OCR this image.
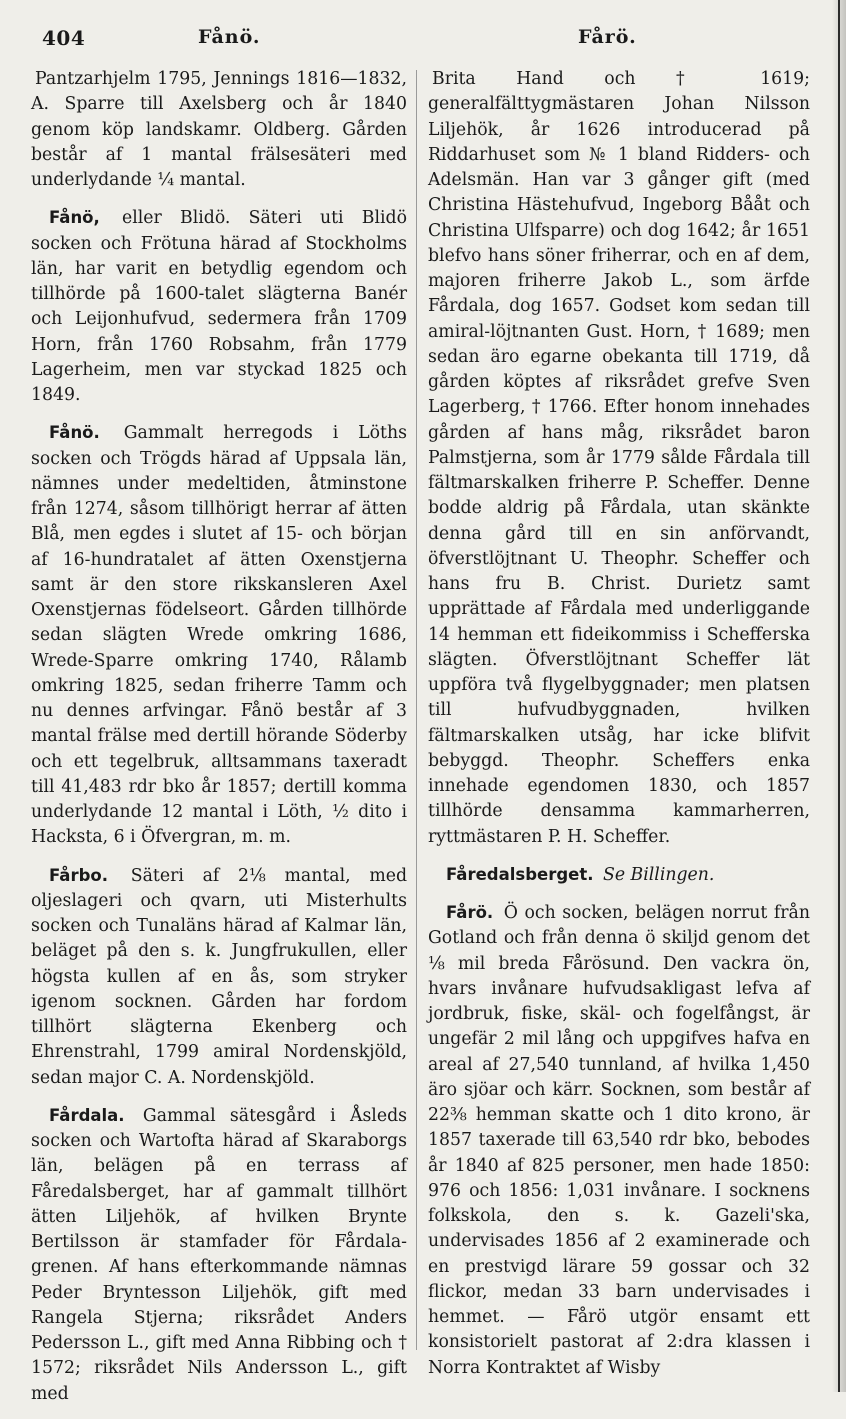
404	Fånö.	Fårö.

Pantzarhjelm 1795, Jennings 1816—1832, A. Sparre till Axelsberg och år 1840 genom köp landskamr. Oldberg. Gården består af 1 mantal frälsesäteri med underlydande ¼ mantal.

Fånö, eller Blidö. Säteri uti Blidö socken och Frötuna härad af Stockholms län, har varit en betydlig egendom och tillhörde på 1600-talet slägterna Banér och Leijonhufvud, sedermera från 1709 Horn, från 1760 Robsahm, från 1779 Lagerheim, men var styckad 1825 och 1849.

Fånö. Gammalt herregods i Löths socken och Trögds härad af Uppsala län, nämnes under medeltiden, åtminstone från 1274, såsom tillhörigt herrar af ätten Blå, men egdes i slutet af 15- och början af 16-hundratalet af ätten Oxenstjerna samt är den store rikskansleren Axel Oxenstjernas födelseort. Gården tillhörde sedan slägten Wrede omkring 1686, Wrede-Sparre omkring 1740, Rålamb omkring 1825, sedan friherre Tamm och nu dennes arfvingar. Fånö består af 3 mantal frälse med dertill hörande Söderby och ett tegelbruk, alltsammans taxeradt till 41,483 rdr bko år 1857; dertill komma underlydande 12 mantal i Löth, ½ dito i Hacksta, 6 i Öfvergran, m. m.

Fårbo. Säteri af 2⅛ mantal, med oljeslageri och qvarn, uti Misterhults socken och Tunaläns härad af Kalmar län, beläget på den s. k. Jungfrukullen, eller högsta kullen af en ås, som stryker igenom socknen. Gården har fordom tillhört slägterna Ekenberg och Ehrenstrahl, 1799 amiral Nordenskjöld, sedan major C. A. Nordenskjöld.

Fårdala. Gammal sätesgård i Åsleds socken och Wartofta härad af Skaraborgs län, belägen på en terrass af Fåredalsberget, har af gammalt tillhört ätten Liljehök, af hvilken Brynte Bertilsson är stamfader för Fårdala-grenen. Af hans efterkommande nämnas Peder Bryntesson Liljehök, gift med Rangela Stjerna; riksrådet Anders Pedersson L., gift med Anna Ribbing och † 1572; riksrådet Nils Andersson L., gift med

Brita Hand och † 1619; generalfälttygmästaren Johan Nilsson Liljehök, år 1626 introducerad på Riddarhuset som № 1 bland Ridders- och Adelsmän. Han var 3 gånger gift (med Christina Hästehufvud, Ingeborg Bååt och Christina Ulfsparre) och dog 1642; år 1651 blefvo hans söner friherrar, och en af dem, majoren friherre Jakob L., som ärfde Fårdala, dog 1657. Godset kom sedan till amiral-löjtnanten Gust. Horn, † 1689; men sedan äro egarne obekanta till 1719, då gården köptes af riksrådet grefve Sven Lagerberg, † 1766. Efter honom innehades gården af hans måg, riksrådet baron Palmstjerna, som år 1779 sålde Fårdala till fältmarskalken friherre P. Scheffer. Denne bodde aldrig på Fårdala, utan skänkte denna gård till en sin anförvandt, öfverstlöjtnant U. Theophr. Scheffer och hans fru B. Christ. Durietz samt upprättade af Fårdala med underliggande 14 hemman ett fideikommiss i Schefferska slägten. Öfverstlöjtnant Scheffer lät uppföra två flygelbyggnader; men platsen till hufvudbyggnaden, hvilken fältmarskalken utsåg, har icke blifvit bebyggd. Theophr. Scheffers enka innehade egendomen 1830, och 1857 tillhörde densamma kammarherren, ryttmästaren P. H. Scheffer.

Fåredalsberget. Se Billingen.

Fårö. Ö och socken, belägen norrut från Gotland och från denna ö skiljd genom det ⅛ mil breda Fårösund. Den vackra ön, hvars invånare hufvudsakligast lefva af jordbruk, fiske, skäl- och fogelfångst, är ungefär 2 mil lång och uppgifves hafva en areal af 27,540 tunnland, af hvilka 1,450 äro sjöar och kärr. Socknen, som består af 22⅜ hemman skatte och 1 dito krono, är 1857 taxerade till 63,540 rdr bko, bebodes år 1840 af 825 personer, men hade 1850: 976 och 1856: 1,031 invånare. I socknens folkskola, den s. k. Gazeli'ska, undervisades 1856 af 2 examinerade och en prestvigd lärare 59 gossar och 32 flickor, medan 33 barn undervisades i hemmet. — Fårö utgör ensamt ett konsistorielt pastorat af 2:dra klassen i Norra Kontraktet af Wisby
